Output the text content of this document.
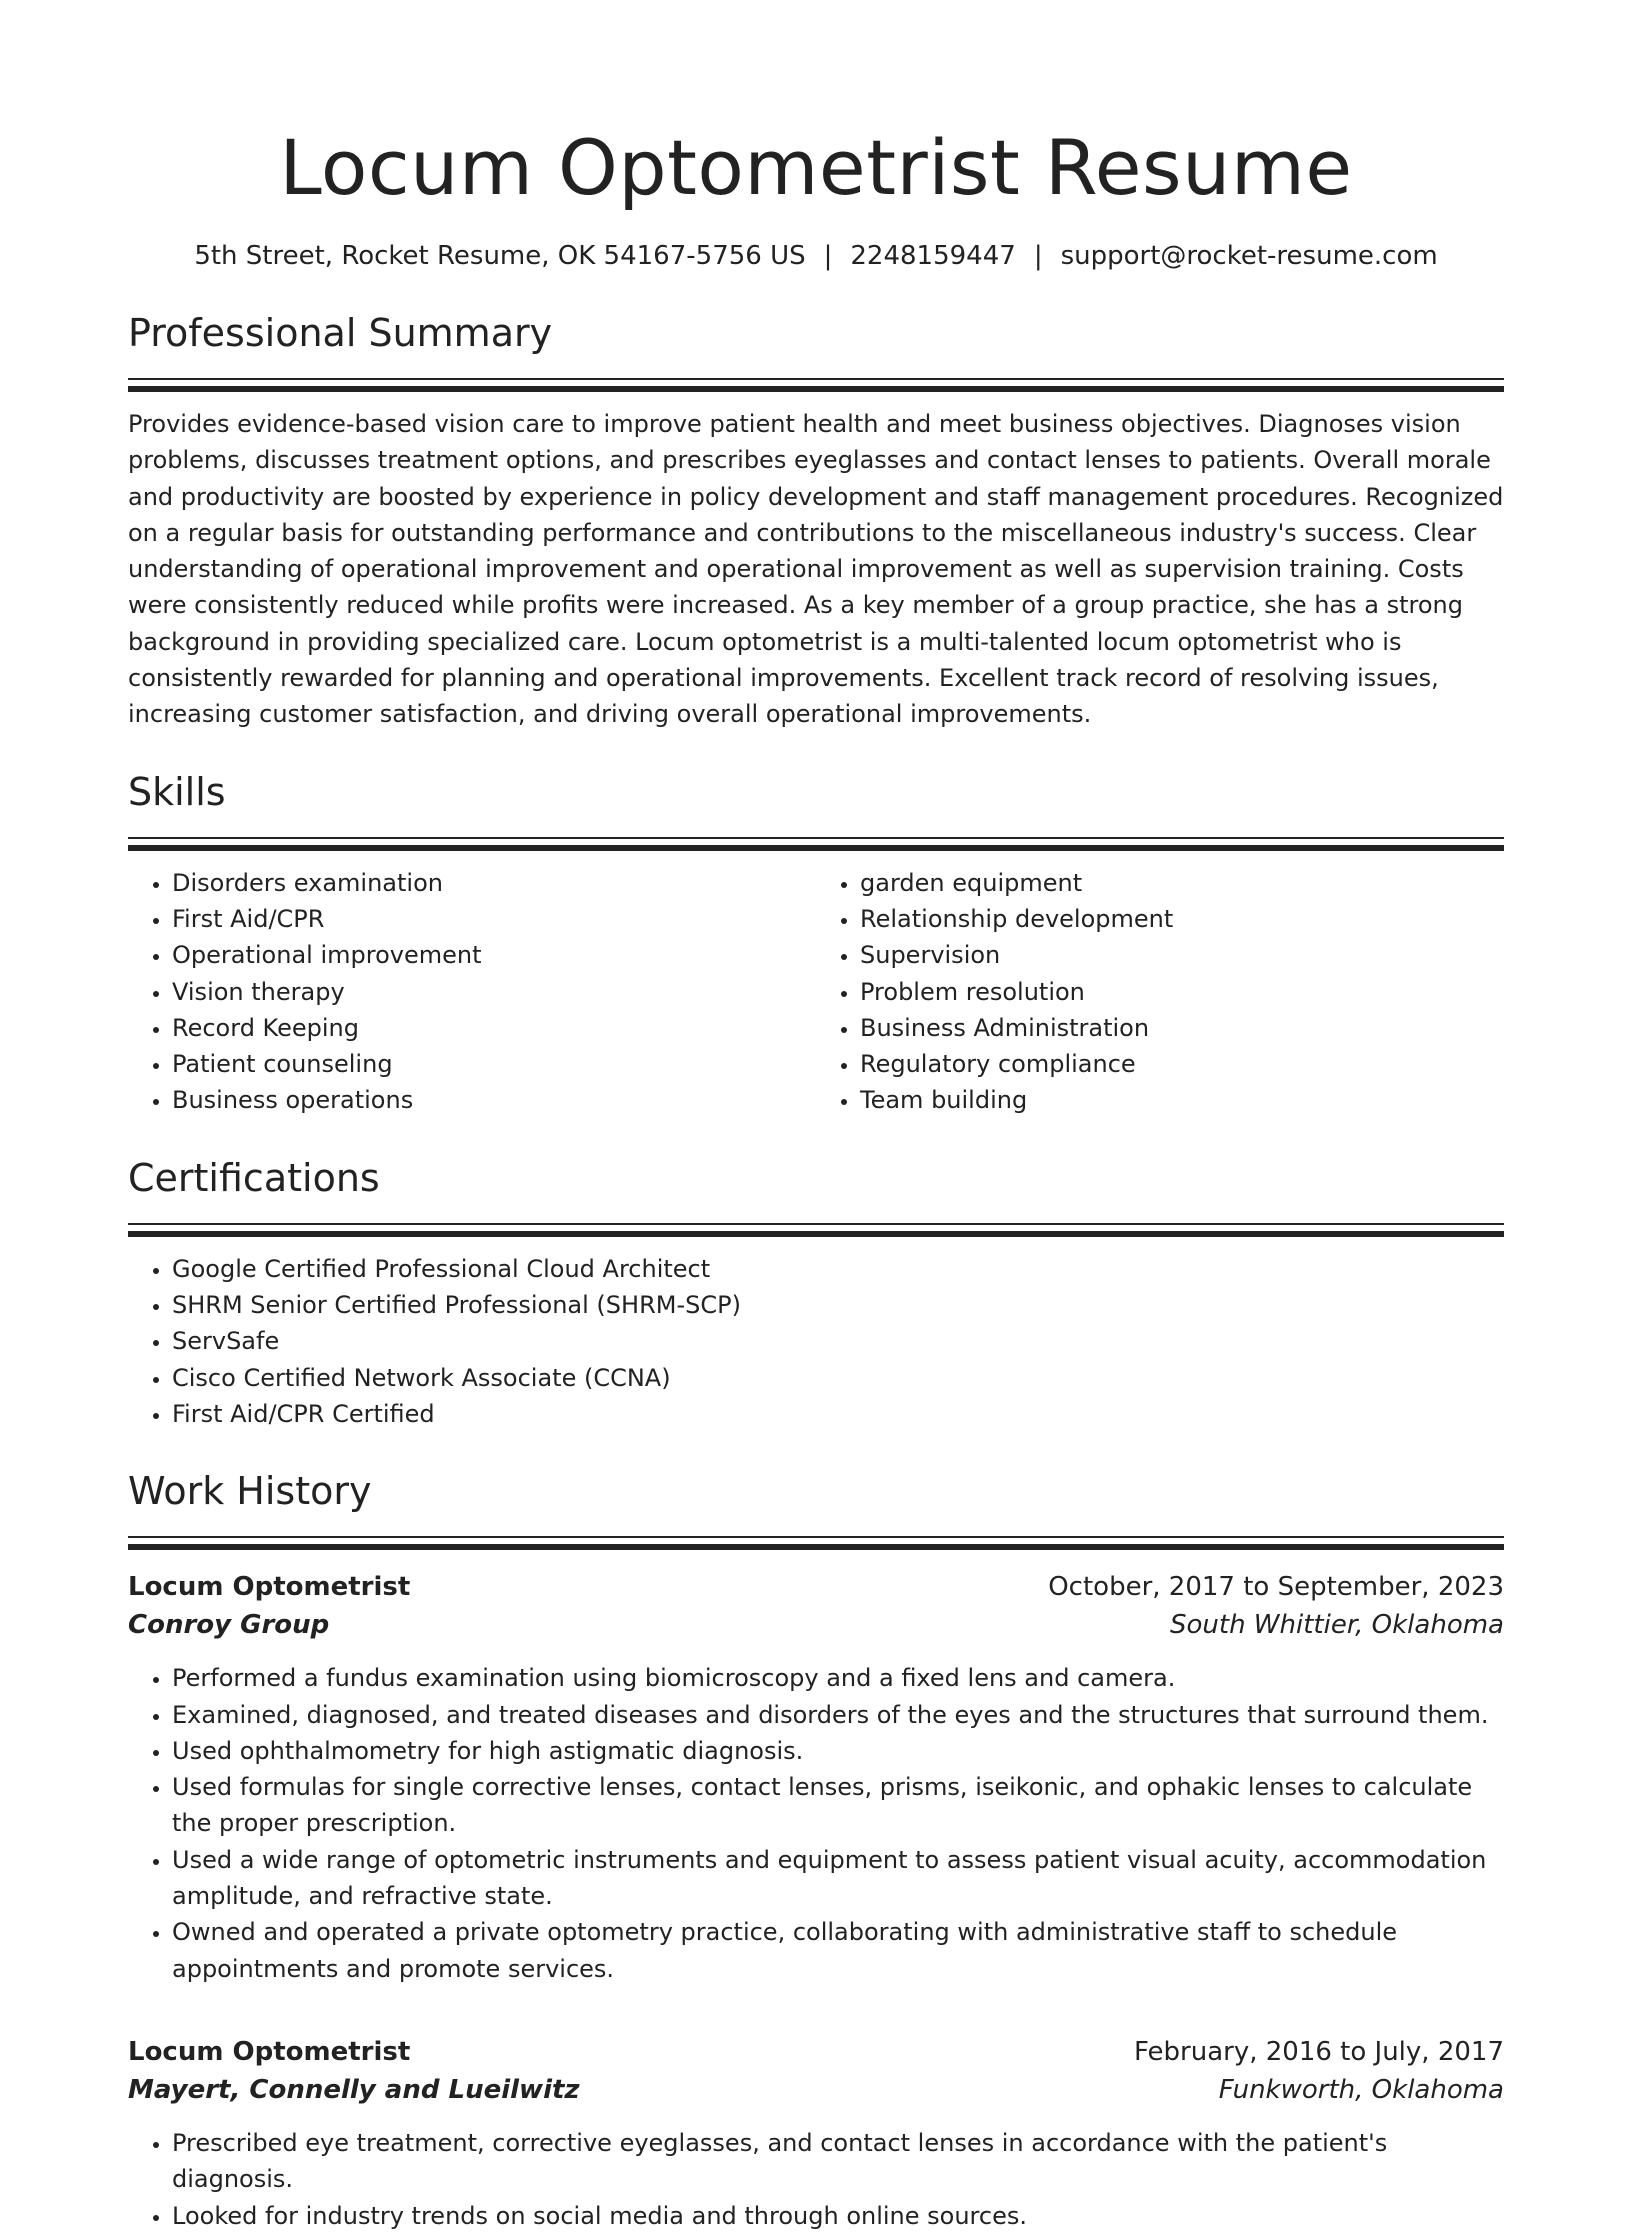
Locum Optometrist Resume
5th Street, Rocket Resume, OK 54167-5756 US | 2248159447 | support@rocket-resume.com
Professional Summary

Provides evidence-based vision care to improve patient health and meet business objectives. Diagnoses vision problems, discusses treatment options, and prescribes eyeglasses and contact lenses to patients. Overall morale and productivity are boosted by experience in policy development and staff management procedures. Recognized on a regular basis for outstanding performance and contributions to the miscellaneous industry's success. Clear understanding of operational improvement and operational improvement as well as supervision training. Costs were consistently reduced while profits were increased. As a key member of a group practice, she has a strong background in providing specialized care. Locum optometrist is a multi-talented locum optometrist who is consistently rewarded for planning and operational improvements. Excellent track record of resolving issues, increasing customer satisfaction, and driving overall operational improvements.

Skills
• Disorders examination
• First Aid/CPR
• Operational improvement
• Vision therapy
• Record Keeping
• Patient counseling
• Business operations
• garden equipment
• Relationship development
• Supervision
• Problem resolution
• Business Administration
• Regulatory compliance
• Team building
Certifications
• Google Certified Professional Cloud Architect
• SHRM Senior Certified Professional (SHRM-SCP)
• ServSafe
• Cisco Certified Network Associate (CCNA)
• First Aid/CPR Certified
Work History
Locum Optometrist	October, 2017 to September, 2023
Conroy Group	South Whittier, Oklahoma
• Performed a fundus examination using biomicroscopy and a fixed lens and camera.
• Examined, diagnosed, and treated diseases and disorders of the eyes and the structures that surround them.
• Used ophthalmometry for high astigmatic diagnosis.
• Used formulas for single corrective lenses, contact lenses, prisms, iseikonic, and ophakic lenses to calculate the proper prescription.
• Used a wide range of optometric instruments and equipment to assess patient visual acuity, accommodation amplitude, and refractive state.
• Owned and operated a private optometry practice, collaborating with administrative staff to schedule appointments and promote services.
Locum Optometrist	February, 2016 to July, 2017
Mayert, Connelly and Lueilwitz	Funkworth, Oklahoma
• Prescribed eye treatment, corrective eyeglasses, and contact lenses in accordance with the patient's diagnosis.
• Looked for industry trends on social media and through online sources.
